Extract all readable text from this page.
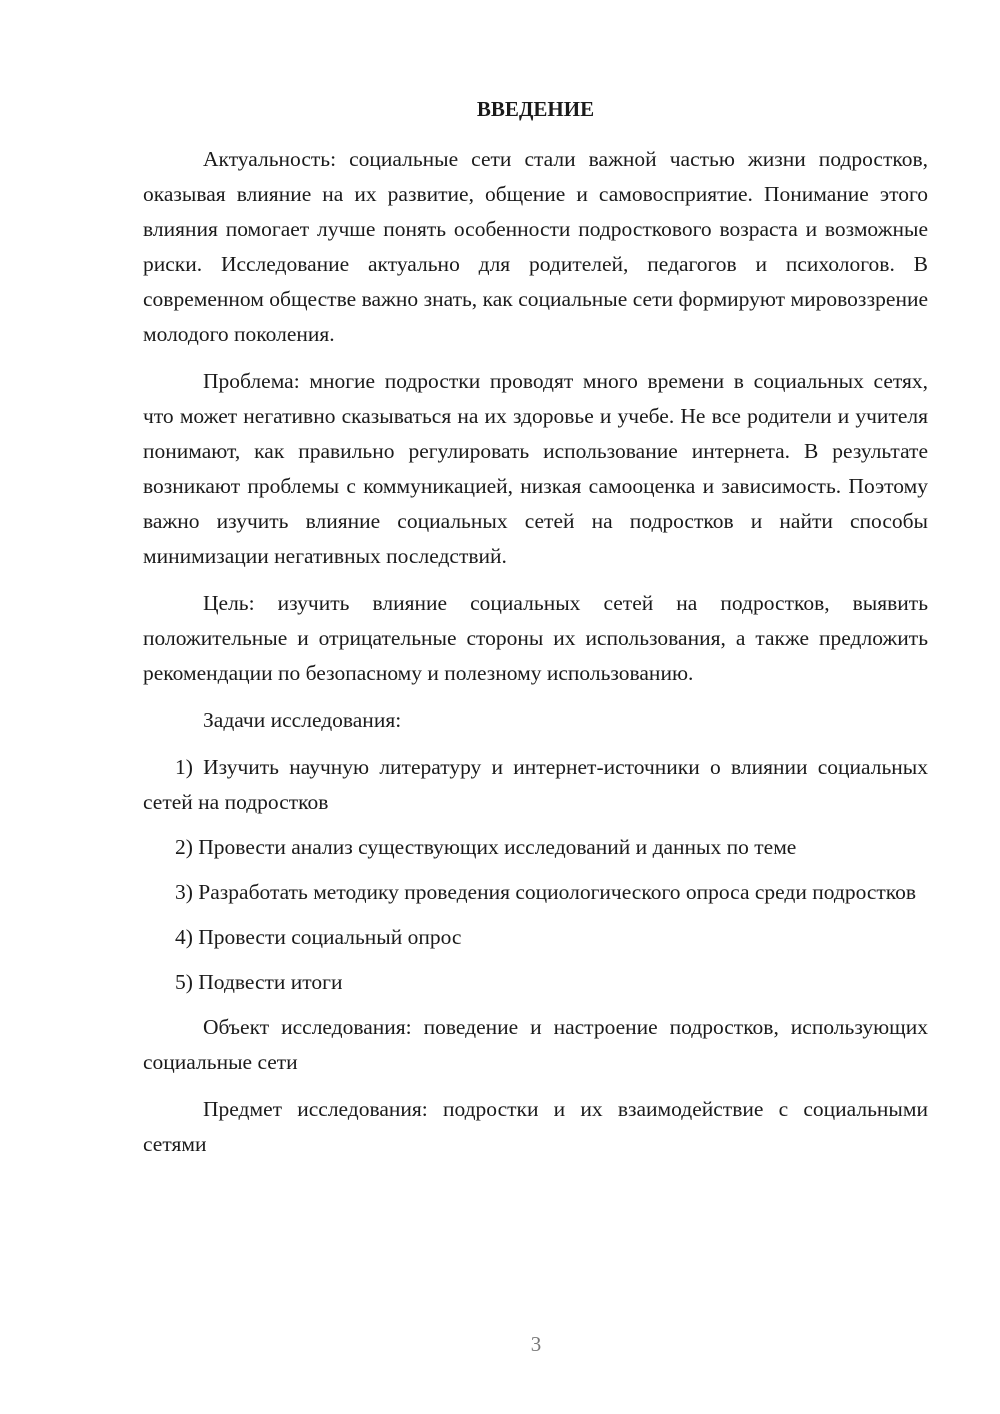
ВВЕДЕНИЕ

Актуальность: социальные сети стали важной частью жизни подростков, оказывая влияние на их развитие, общение и самовосприятие. Понимание этого влияния помогает лучше понять особенности подросткового возраста и возможные риски. Исследование актуально для родителей, педагогов и психологов. В современном обществе важно знать, как социальные сети формируют мировоззрение молодого поколения.

Проблема: многие подростки проводят много времени в социальных сетях, что может негативно сказываться на их здоровье и учебе. Не все родители и учителя понимают, как правильно регулировать использование интернета. В результате возникают проблемы с коммуникацией, низкая самооценка и зависимость. Поэтому важно изучить влияние социальных сетей на подростков и найти способы минимизации негативных последствий.

Цель: изучить влияние социальных сетей на подростков, выявить положительные и отрицательные стороны их использования, а также предложить рекомендации по безопасному и полезному использованию.

Задачи исследования:

1) Изучить научную литературу и интернет-источники о влиянии социальных сетей на подростков

2) Провести анализ существующих исследований и данных по теме

3) Разработать методику проведения социологического опроса среди подростков

4) Провести социальный опрос

5) Подвести итоги

Объект исследования: поведение и настроение подростков, использующих социальные сети

Предмет исследования: подростки и их взаимодействие с социальными сетями

3
